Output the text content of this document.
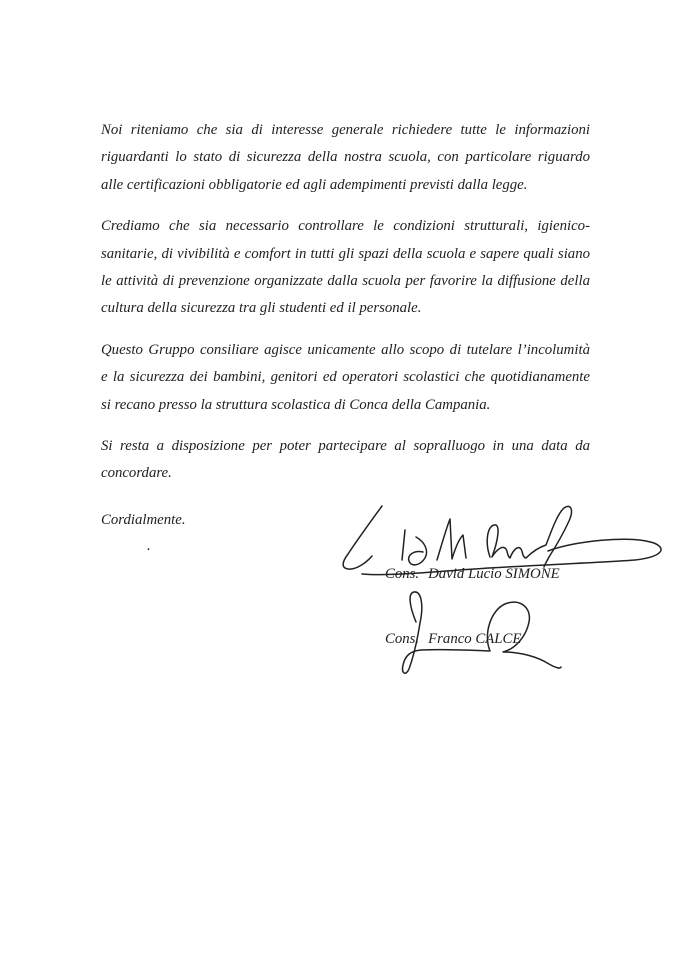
Noi riteniamo che sia di interesse generale richiedere tutte le informazioni
riguardanti lo stato di sicurezza della nostra scuola, con particolare riguardo
alle certificazioni obbligatorie ed agli adempimenti previsti dalla legge.
Crediamo che sia necessario controllare le condizioni strutturali, igienico-
sanitarie, di vivibilità e comfort in tutti gli spazi della scuola e sapere quali siano
le attività di prevenzione organizzate dalla scuola per favorire la diffusione della
cultura della sicurezza tra gli studenti ed il personale.
Questo Gruppo consiliare agisce unicamente allo scopo di tutelare l’incolumità
e la sicurezza dei bambini, genitori ed operatori scolastici che quotidianamente
si recano presso la struttura scolastica di Conca della Campania.
Si resta a disposizione per poter partecipare al sopralluogo in una data da
concordare.
Cordialmente.
.
Cons. David Lucio SIMONE
Cons. Franco CALCE
